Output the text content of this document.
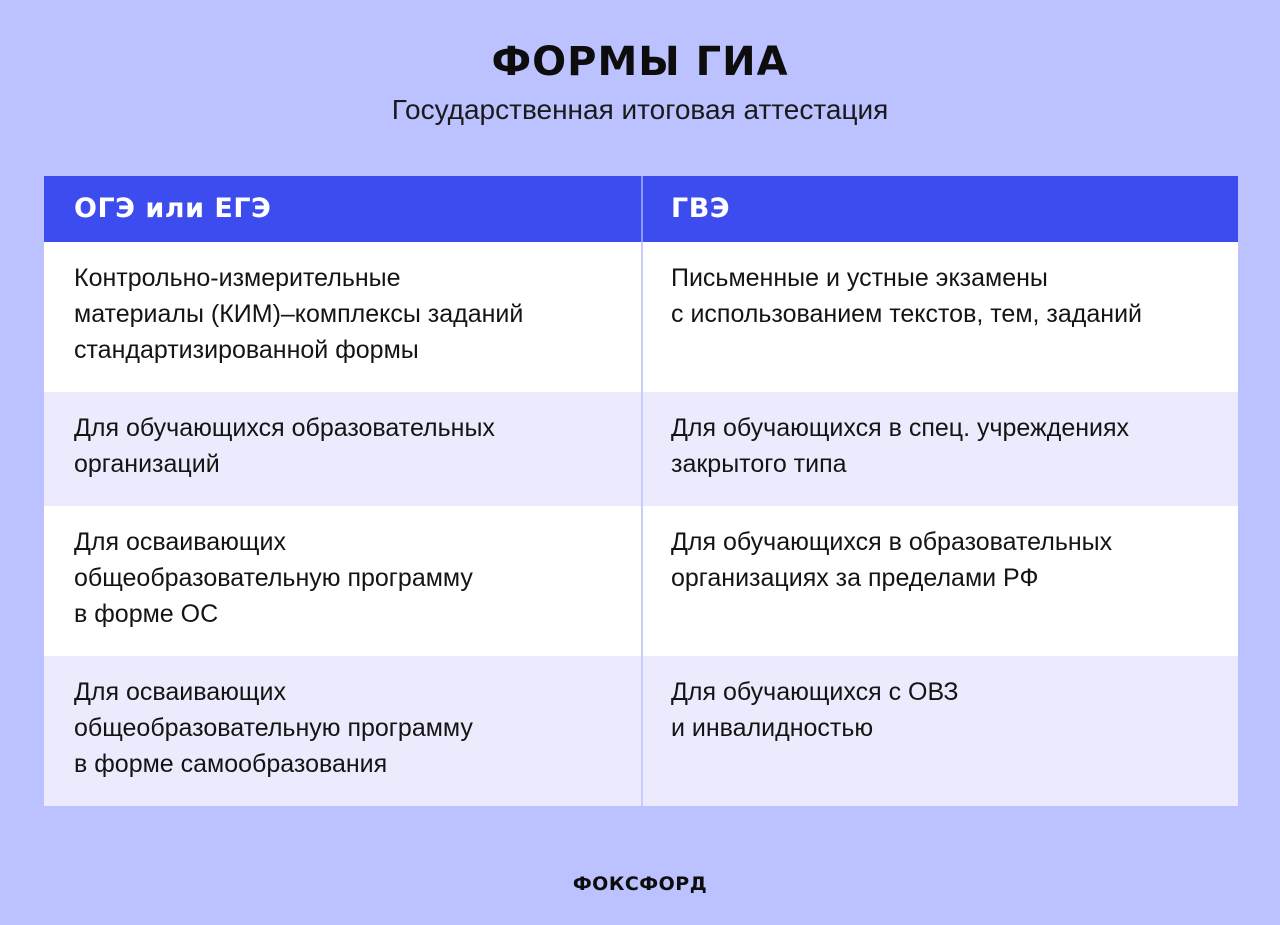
ФОРМЫ ГИА
Государственная итоговая аттестация
ОГЭ или ЕГЭ	ГВЭ
Контрольно-измерительные
материалы (КИМ)–комплексы заданий
стандартизированной формы
Письменные и устные экзамены
с использованием текстов, тем, заданий
Для обучающихся образовательных
организаций
Для обучающихся в спец. учреждениях
закрытого типа
Для осваивающих
общеобразовательную программу
в форме ОС
Для обучающихся в образовательных
организациях за пределами РФ
Для осваивающих
общеобразовательную программу
в форме самообразования
Для обучающихся с ОВЗ
и инвалидностью
ФОКСФОРД
